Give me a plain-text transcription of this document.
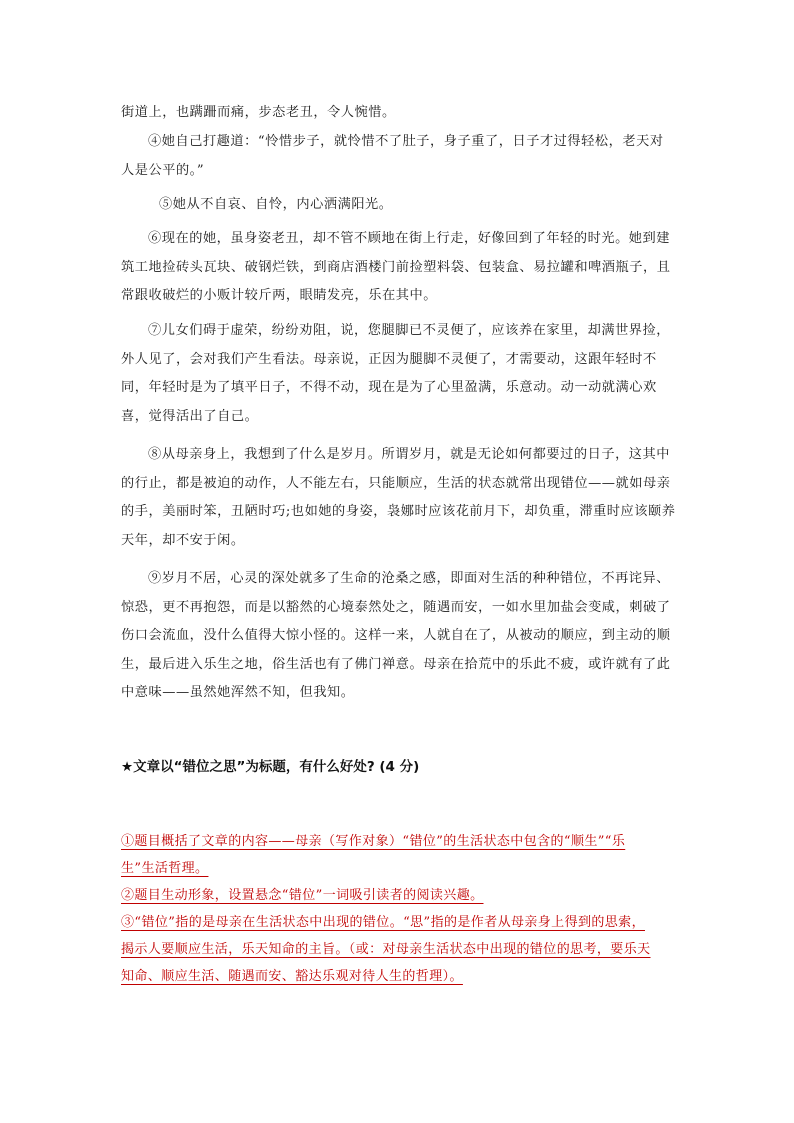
街道上，也蹒跚而痛，步态老丑，令人惋惜。

④她自己打趣道：“怜惜步子，就怜惜不了肚子，身子重了，日子才过得轻松，老天对人是公平的。”

⑤她从不自哀、自怜，内心洒满阳光。

⑥现在的她，虽身姿老丑，却不管不顾地在街上行走，好像回到了年轻的时光。她到建筑工地捡砖头瓦块、破钢烂铁，到商店酒楼门前捡塑料袋、包装盒、易拉罐和啤酒瓶子，且常跟收破烂的小贩计较斤两，眼睛发亮，乐在其中。

⑦儿女们碍于虚荣，纷纷劝阻，说，您腿脚已不灵便了，应该养在家里，却满世界捡，外人见了，会对我们产生看法。母亲说，正因为腿脚不灵便了，才需要动，这跟年轻时不同，年轻时是为了填平日子，不得不动，现在是为了心里盈满，乐意动。动一动就满心欢喜，觉得活出了自己。

⑧从母亲身上，我想到了什么是岁月。所谓岁月，就是无论如何都要过的日子，这其中的行止，都是被迫的动作，人不能左右，只能顺应，生活的状态就常出现错位——就如母亲的手，美丽时笨，丑陋时巧;也如她的身姿，袅娜时应该花前月下，却负重，滞重时应该颐养天年，却不安于闲。

⑨岁月不居，心灵的深处就多了生命的沧桑之感，即面对生活的种种错位，不再诧异、惊恐，更不再抱怨，而是以豁然的心境泰然处之，随遇而安，一如水里加盐会变咸，刺破了伤口会流血，没什么值得大惊小怪的。这样一来，人就自在了，从被动的顺应，到主动的顺生，最后进入乐生之地，俗生活也有了佛门禅意。母亲在拾荒中的乐此不疲，或许就有了此中意味——虽然她浑然不知，但我知。

★文章以“错位之思”为标题，有什么好处? (4 分)
①题目概括了文章的内容——母亲（写作对象）“错位”的生活状态中包含的“顺生”“乐
生”生活哲理。
②题目生动形象，设置悬念“错位”一词吸引读者的阅读兴趣。
③“错位”指的是母亲在生活状态中出现的错位。“思”指的是作者从母亲身上得到的思索，
揭示人要顺应生活，乐天知命的主旨。（或：对母亲生活状态中出现的错位的思考，要乐天
知命、顺应生活、随遇而安、豁达乐观对待人生的哲理）。
